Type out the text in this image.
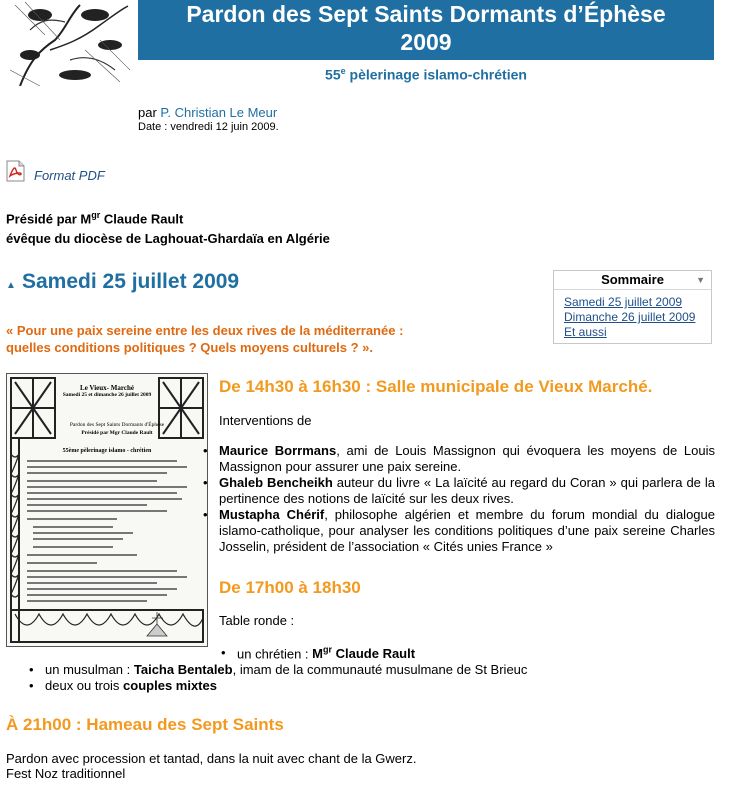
Pardon des Sept Saints Dormants d’Éphèse
2009
55e pèlerinage islamo-chrétien
par P. Christian Le Meur
Date : vendredi 12 juin 2009.
Format PDF
Présidé par $M^{gr}$ Claude Rault
évêque du diocèse de Laghouat-Ghardaïa en Algérie
▲ Samedi 25 juillet 2009
« Pour une paix sereine entre les deux rives de la méditerranée :
quelles conditions politiques ? Quels moyens culturels ? ».
Sommaire	▼
Samedi 25 juillet 2009
Dimanche 26 juillet 2009
Et aussi
Le Vieux- Marché
Samedi 25 et dimanche 26 juillet 2009
Pardon des Sept Saints Dormants d'Éphèse
Présidé par Mgr Claude Rault
55ème pèlerinage islamo - chrétien
De 14h30 à 16h30 : Salle municipale de Vieux Marché.
Interventions de
• Maurice Borrmans, ami de Louis Massignon qui évoquera les moyens de Louis Massignon pour assurer une paix sereine.
• Ghaleb Bencheikh auteur du livre « La laïcité au regard du Coran » qui parlera de la pertinence des notions de laïcité sur les deux rives.
• Mustapha Chérif, philosophe algérien et membre du forum mondial du dialogue islamo-catholique, pour analyser les conditions politiques d’une paix sereine Charles Josselin, président de l’association « Cités unies France »
De 17h00 à 18h30
Table ronde :
• un chrétien : $M^{gr}$ Claude Rault
• un musulman : Taicha Bentaleb, imam de la communauté musulmane de St Brieuc
• deux ou trois couples mixtes
À 21h00 : Hameau des Sept Saints
Pardon avec procession et tantad, dans la nuit avec chant de la Gwerz.
Fest Noz traditionnel
